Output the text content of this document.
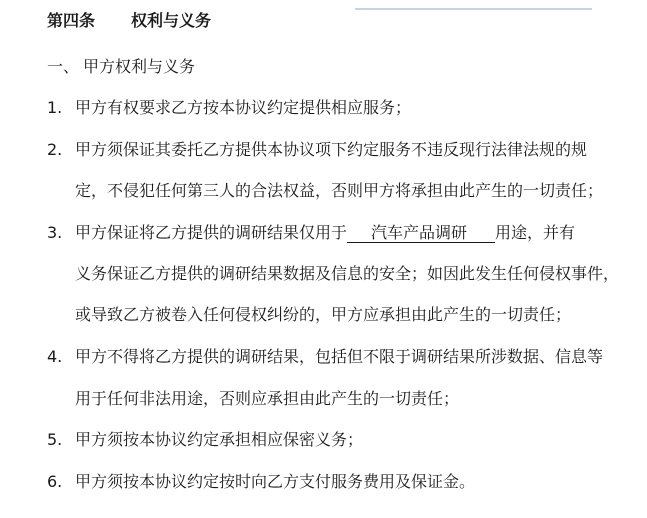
第四条 权利与义务
一、 甲方权利与义务
1. 甲方有权要求乙方按本协议约定提供相应服务；
2. 甲方须保证其委托乙方提供本协议项下约定服务不违反现行法律法规的规
定，不侵犯任何第三人的合法权益，否则甲方将承担由此产生的一切责任；
3. 甲方保证将乙方提供的调研结果仅用于 汽车产品调研 用途，并有
义务保证乙方提供的调研结果数据及信息的安全；如因此发生任何侵权事件，
或导致乙方被卷入任何侵权纠纷的，甲方应承担由此产生的一切责任；
4. 甲方不得将乙方提供的调研结果，包括但不限于调研结果所涉数据、信息等
用于任何非法用途，否则应承担由此产生的一切责任；
5. 甲方须按本协议约定承担相应保密义务；
6. 甲方须按本协议约定按时向乙方支付服务费用及保证金。
